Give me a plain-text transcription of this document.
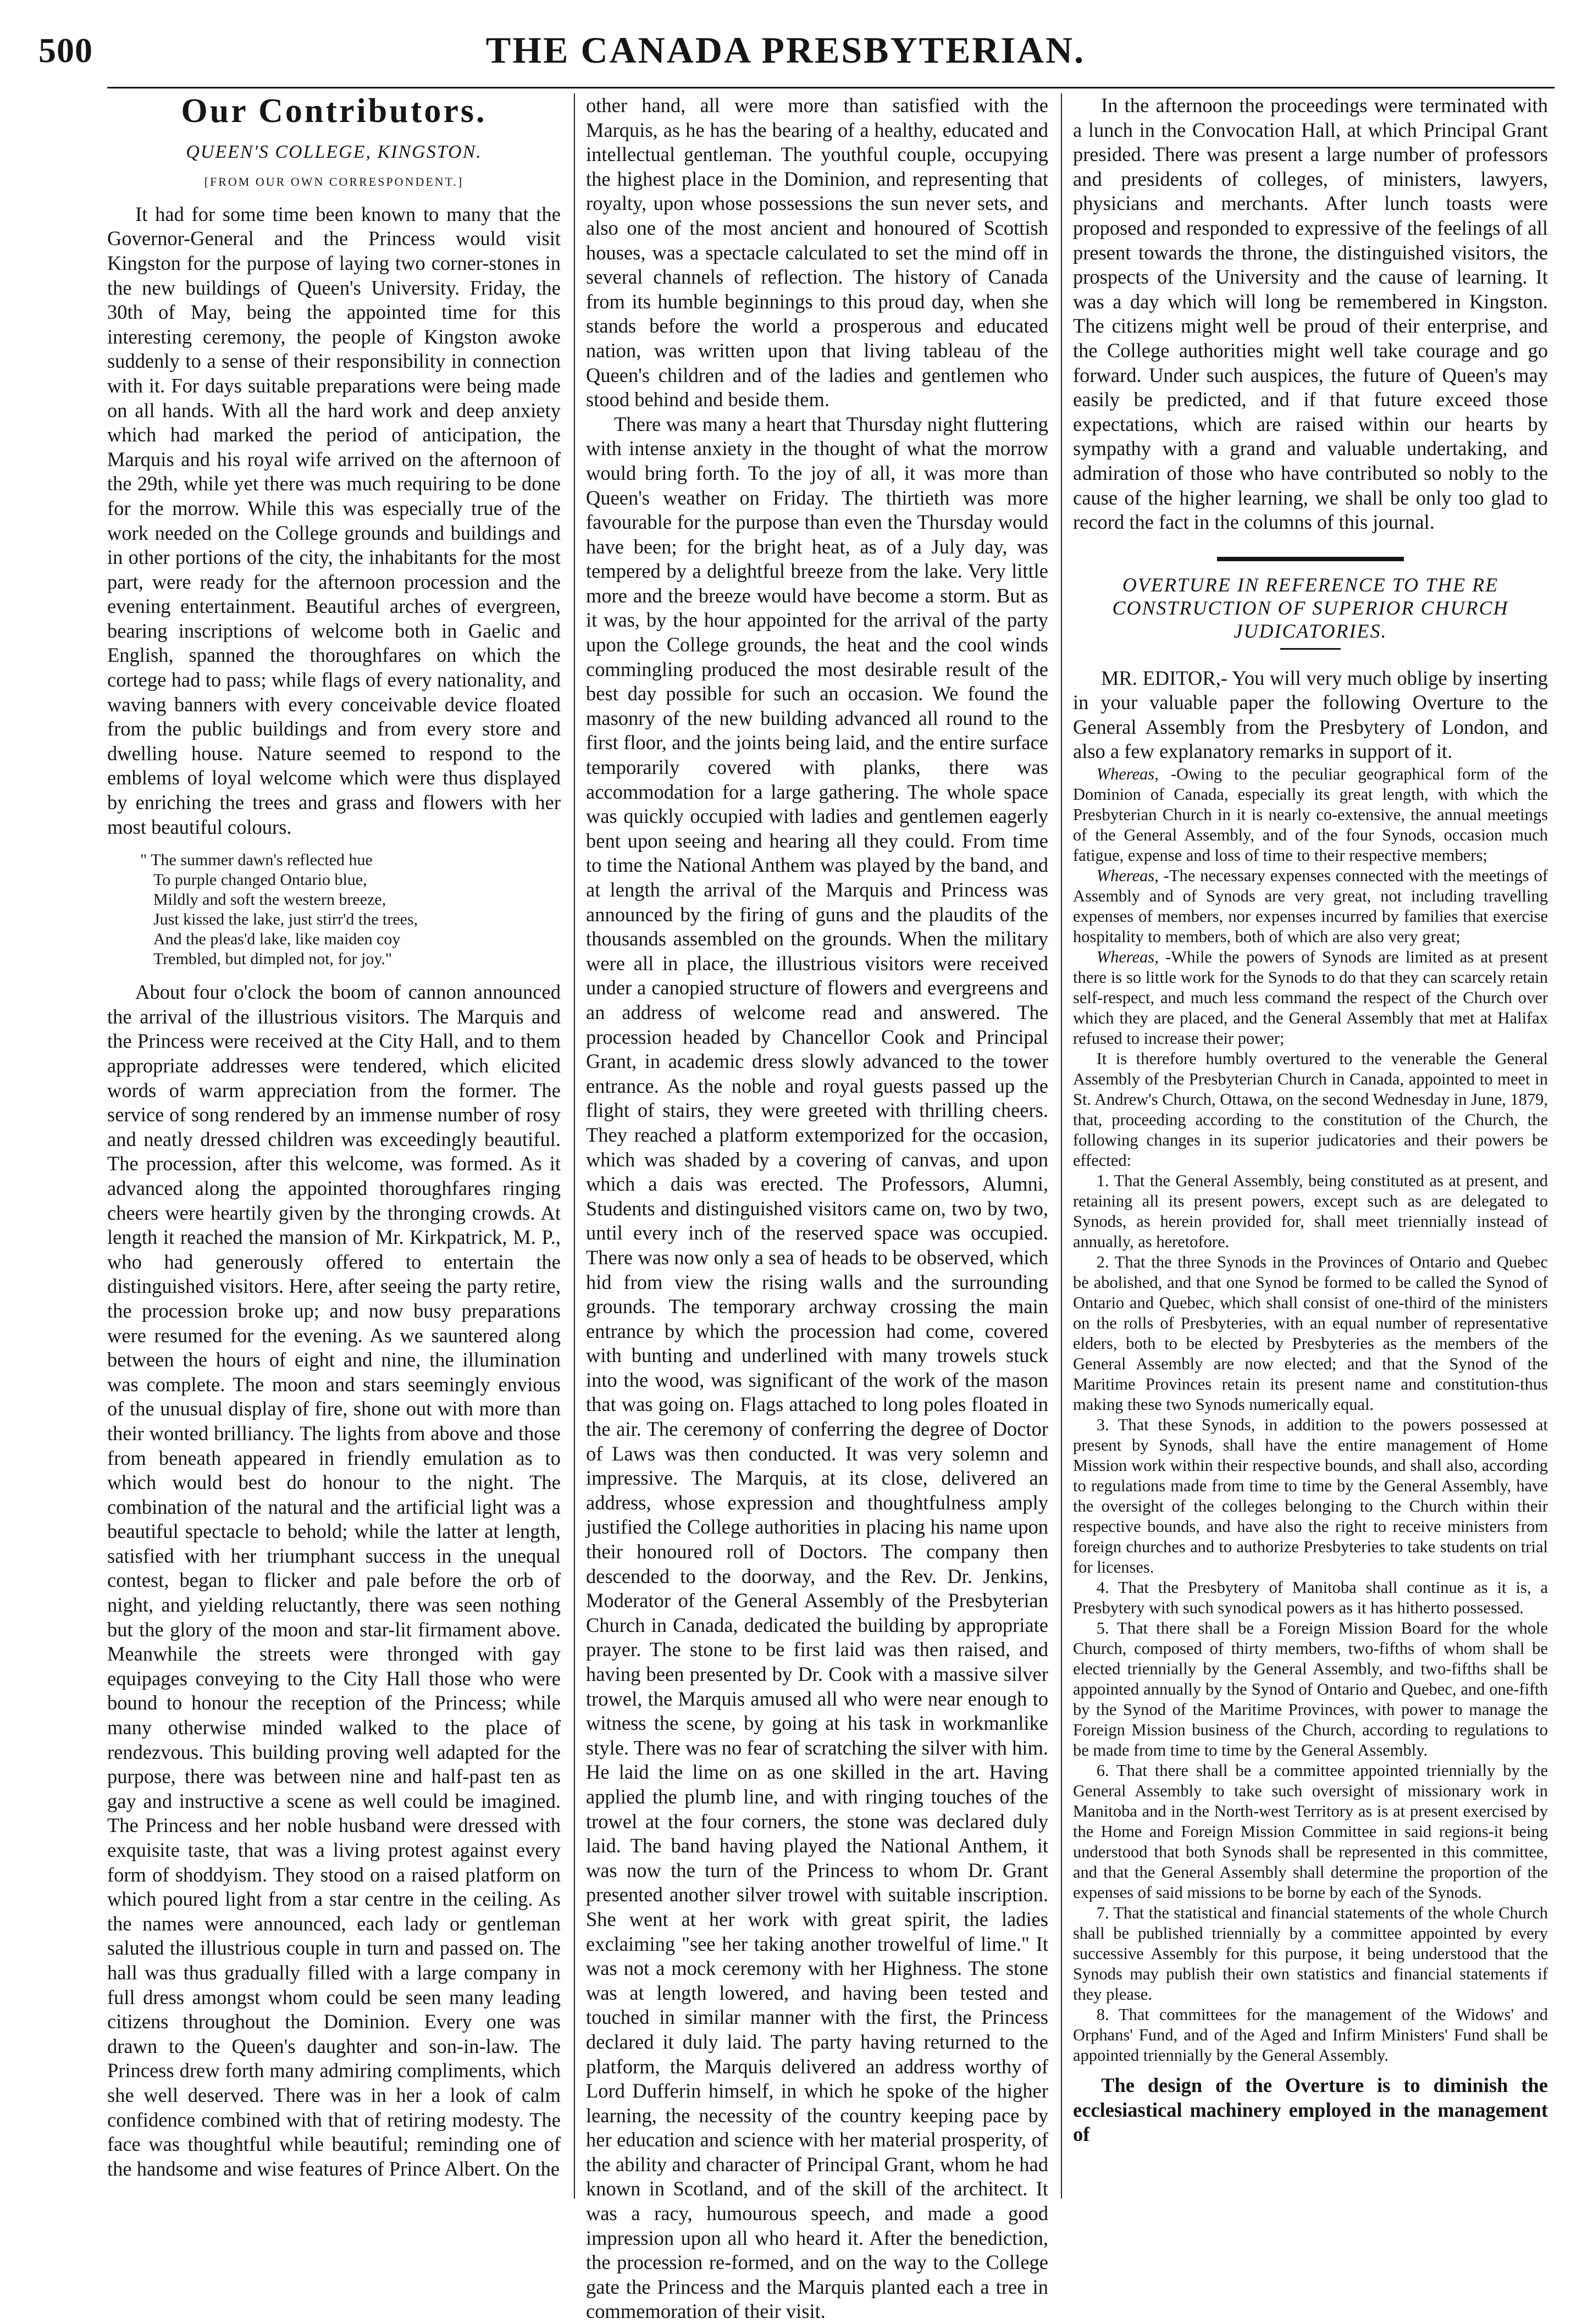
500	THE CANADA PRESBYTERIAN.
Our Contributors.
QUEEN'S COLLEGE, KINGSTON.
[FROM OUR OWN CORRESPONDENT.]

It had for some time been known to many that the Governor-General and the Princess would visit Kingston for the purpose of laying two corner-stones in the new buildings of Queen's University. Friday, the 30th of May, being the appointed time for this interesting ceremony, the people of Kingston awoke suddenly to a sense of their responsibility in connection with it. For days suitable preparations were being made on all hands. With all the hard work and deep anxiety which had marked the period of anticipation, the Marquis and his royal wife arrived on the afternoon of the 29th, while yet there was much requiring to be done for the morrow. While this was especially true of the work needed on the College grounds and buildings and in other portions of the city, the inhabitants for the most part, were ready for the afternoon procession and the evening entertainment. Beautiful arches of evergreen, bearing inscriptions of welcome both in Gaelic and English, spanned the thoroughfares on which the cortege had to pass; while flags of every nationality, and waving banners with every conceivable device floated from the public buildings and from every store and dwelling house. Nature seemed to respond to the emblems of loyal welcome which were thus displayed by enriching the trees and grass and flowers with her most beautiful colours.

" The summer dawn's reflected hue
To purple changed Ontario blue,
Mildly and soft the western breeze,
Just kissed the lake, just stirr'd the trees,
And the pleas'd lake, like maiden coy
Trembled, but dimpled not, for joy."

About four o'clock the boom of cannon announced the arrival of the illustrious visitors. The Marquis and the Princess were received at the City Hall, and to them appropriate addresses were tendered, which elicited words of warm appreciation from the former. The service of song rendered by an immense number of rosy and neatly dressed children was exceedingly beautiful. The procession, after this welcome, was formed. As it advanced along the appointed thoroughfares ringing cheers were heartily given by the thronging crowds. At length it reached the mansion of Mr. Kirkpatrick, M. P., who had generously offered to entertain the distinguished visitors. Here, after seeing the party retire, the procession broke up; and now busy preparations were resumed for the evening. As we sauntered along between the hours of eight and nine, the illumination was complete. The moon and stars seemingly envious of the unusual display of fire, shone out with more than their wonted brilliancy. The lights from above and those from beneath appeared in friendly emulation as to which would best do honour to the night. The combination of the natural and the artificial light was a beautiful spectacle to behold; while the latter at length, satisfied with her triumphant success in the unequal contest, began to flicker and pale before the orb of night, and yielding reluctantly, there was seen nothing but the glory of the moon and star-lit firmament above. Meanwhile the streets were thronged with gay equipages conveying to the City Hall those who were bound to honour the reception of the Princess; while many otherwise minded walked to the place of rendezvous. This building proving well adapted for the purpose, there was between nine and half-past ten as gay and instructive a scene as well could be imagined. The Princess and her noble husband were dressed with exquisite taste, that was a living protest against every form of shoddyism. They stood on a raised platform on which poured light from a star centre in the ceiling. As the names were announced, each lady or gentleman saluted the illustrious couple in turn and passed on. The hall was thus gradually filled with a large company in full dress amongst whom could be seen many leading citizens throughout the Dominion. Every one was drawn to the Queen's daughter and son-in-law. The Princess drew forth many admiring compliments, which she well deserved. There was in her a look of calm confidence combined with that of retiring modesty. The face was thoughtful while beautiful; reminding one of the handsome and wise features of Prince Albert. On the

other hand, all were more than satisfied with the Marquis, as he has the bearing of a healthy, educated and intellectual gentleman. The youthful couple, occupying the highest place in the Dominion, and representing that royalty, upon whose possessions the sun never sets, and also one of the most ancient and honoured of Scottish houses, was a spectacle calculated to set the mind off in several channels of reflection. The history of Canada from its humble beginnings to this proud day, when she stands before the world a prosperous and educated nation, was written upon that living tableau of the Queen's children and of the ladies and gentlemen who stood behind and beside them.

There was many a heart that Thursday night fluttering with intense anxiety in the thought of what the morrow would bring forth. To the joy of all, it was more than Queen's weather on Friday. The thirtieth was more favourable for the purpose than even the Thursday would have been; for the bright heat, as of a July day, was tempered by a delightful breeze from the lake. Very little more and the breeze would have become a storm. But as it was, by the hour appointed for the arrival of the party upon the College grounds, the heat and the cool winds commingling produced the most desirable result of the best day possible for such an occasion. We found the masonry of the new building advanced all round to the first floor, and the joints being laid, and the entire surface temporarily covered with planks, there was accommodation for a large gathering. The whole space was quickly occupied with ladies and gentlemen eagerly bent upon seeing and hearing all they could. From time to time the National Anthem was played by the band, and at length the arrival of the Marquis and Princess was announced by the firing of guns and the plaudits of the thousands assembled on the grounds. When the military were all in place, the illustrious visitors were received under a canopied structure of flowers and evergreens and an address of welcome read and answered. The procession headed by Chancellor Cook and Principal Grant, in academic dress slowly advanced to the tower entrance. As the noble and royal guests passed up the flight of stairs, they were greeted with thrilling cheers. They reached a platform extemporized for the occasion, which was shaded by a covering of canvas, and upon which a dais was erected. The Professors, Alumni, Students and distinguished visitors came on, two by two, until every inch of the reserved space was occupied. There was now only a sea of heads to be observed, which hid from view the rising walls and the surrounding grounds. The temporary archway crossing the main entrance by which the procession had come, covered with bunting and underlined with many trowels stuck into the wood, was significant of the work of the mason that was going on. Flags attached to long poles floated in the air. The ceremony of conferring the degree of Doctor of Laws was then conducted. It was very solemn and impressive. The Marquis, at its close, delivered an address, whose expression and thoughtfulness amply justified the College authorities in placing his name upon their honoured roll of Doctors. The company then descended to the doorway, and the Rev. Dr. Jenkins, Moderator of the General Assembly of the Presbyterian Church in Canada, dedicated the building by appropriate prayer. The stone to be first laid was then raised, and having been presented by Dr. Cook with a massive silver trowel, the Marquis amused all who were near enough to witness the scene, by going at his task in workmanlike style. There was no fear of scratching the silver with him. He laid the lime on as one skilled in the art. Having applied the plumb line, and with ringing touches of the trowel at the four corners, the stone was declared duly laid. The band having played the National Anthem, it was now the turn of the Princess to whom Dr. Grant presented another silver trowel with suitable inscription. She went at her work with great spirit, the ladies exclaiming "see her taking another trowelful of lime." It was not a mock ceremony with her Highness. The stone was at length lowered, and having been tested and touched in similar manner with the first, the Princess declared it duly laid. The party having returned to the platform, the Marquis delivered an address worthy of Lord Dufferin himself, in which he spoke of the higher learning, the necessity of the country keeping pace by her education and science with her material prosperity, of the ability and character of Principal Grant, whom he had known in Scotland, and of the skill of the architect. It was a racy, humourous speech, and made a good impression upon all who heard it. After the benediction, the procession re-formed, and on the way to the College gate the Princess and the Marquis planted each a tree in commemoration of their visit.

In the afternoon the proceedings were terminated with a lunch in the Convocation Hall, at which Principal Grant presided. There was present a large number of professors and presidents of colleges, of ministers, lawyers, physicians and merchants. After lunch toasts were proposed and responded to expressive of the feelings of all present towards the throne, the distinguished visitors, the prospects of the University and the cause of learning. It was a day which will long be remembered in Kingston. The citizens might well be proud of their enterprise, and the College authorities might well take courage and go forward. Under such auspices, the future of Queen's may easily be predicted, and if that future exceed those expectations, which are raised within our hearts by sympathy with a grand and valuable undertaking, and admiration of those who have contributed so nobly to the cause of the higher learning, we shall be only too glad to record the fact in the columns of this journal.

OVERTURE IN REFERENCE TO THE RE
CONSTRUCTION OF SUPERIOR CHURCH
JUDICATORIES.

MR. EDITOR,- You will very much oblige by inserting in your valuable paper the following Overture to the General Assembly from the Presbytery of London, and also a few explanatory remarks in support of it.

Whereas, -Owing to the peculiar geographical form of the Dominion of Canada, especially its great length, with which the Presbyterian Church in it is nearly co-extensive, the annual meetings of the General Assembly, and of the four Synods, occasion much fatigue, expense and loss of time to their respective members;

Whereas, -The necessary expenses connected with the meetings of Assembly and of Synods are very great, not including travelling expenses of members, nor expenses incurred by families that exercise hospitality to members, both of which are also very great;

Whereas, -While the powers of Synods are limited as at present there is so little work for the Synods to do that they can scarcely retain self-respect, and much less command the respect of the Church over which they are placed, and the General Assembly that met at Halifax refused to increase their power;

It is therefore humbly overtured to the venerable the General Assembly of the Presbyterian Church in Canada, appointed to meet in St. Andrew's Church, Ottawa, on the second Wednesday in June, 1879, that, proceeding according to the constitution of the Church, the following changes in its superior judicatories and their powers be effected:

1. That the General Assembly, being constituted as at present, and retaining all its present powers, except such as are delegated to Synods, as herein provided for, shall meet triennially instead of annually, as heretofore.

2. That the three Synods in the Provinces of Ontario and Quebec be abolished, and that one Synod be formed to be called the Synod of Ontario and Quebec, which shall consist of one-third of the ministers on the rolls of Presbyteries, with an equal number of representative elders, both to be elected by Presbyteries as the members of the General Assembly are now elected; and that the Synod of the Maritime Provinces retain its present name and constitution-thus making these two Synods numerically equal.

3. That these Synods, in addition to the powers possessed at present by Synods, shall have the entire management of Home Mission work within their respective bounds, and shall also, according to regulations made from time to time by the General Assembly, have the oversight of the colleges belonging to the Church within their respective bounds, and have also the right to receive ministers from foreign churches and to authorize Presbyteries to take students on trial for licenses.

4. That the Presbytery of Manitoba shall continue as it is, a Presbytery with such synodical powers as it has hitherto possessed.

5. That there shall be a Foreign Mission Board for the whole Church, composed of thirty members, two-fifths of whom shall be elected triennially by the General Assembly, and two-fifths shall be appointed annually by the Synod of Ontario and Quebec, and one-fifth by the Synod of the Maritime Provinces, with power to manage the Foreign Mission business of the Church, according to regulations to be made from time to time by the General Assembly.

6. That there shall be a committee appointed triennially by the General Assembly to take such oversight of missionary work in Manitoba and in the North-west Territory as is at present exercised by the Home and Foreign Mission Committee in said regions-it being understood that both Synods shall be represented in this committee, and that the General Assembly shall determine the proportion of the expenses of said missions to be borne by each of the Synods.

7. That the statistical and financial statements of the whole Church shall be published triennially by a committee appointed by every successive Assembly for this purpose, it being understood that the Synods may publish their own statistics and financial statements if they please.

8. That committees for the management of the Widows' and Orphans' Fund, and of the Aged and Infirm Ministers' Fund shall be appointed triennially by the General Assembly.

The design of the Overture is to diminish the ecclesiastical machinery employed in the management of
